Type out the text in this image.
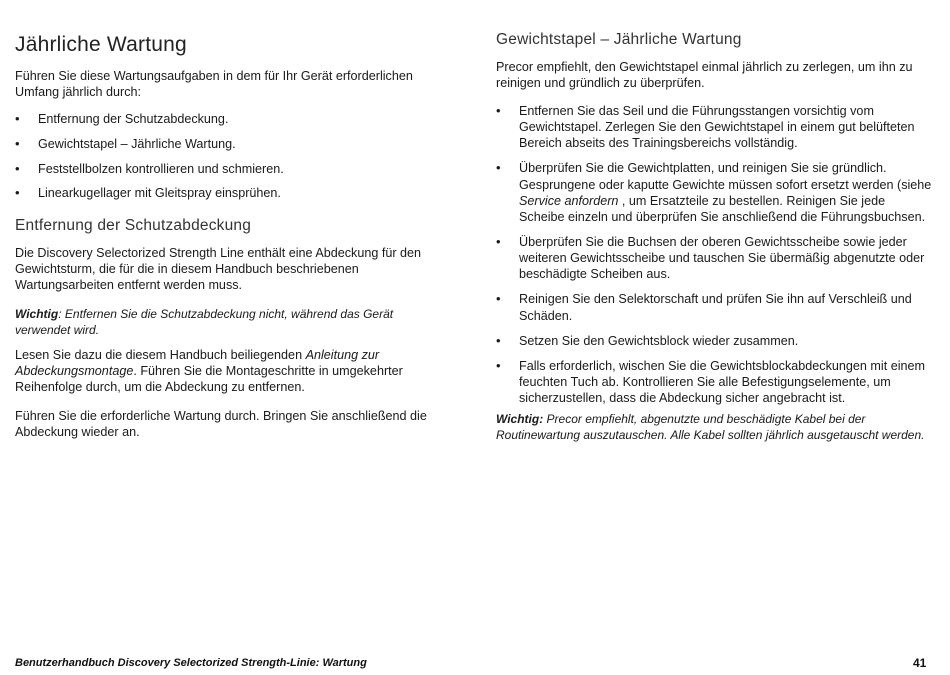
Jährliche Wartung

Führen Sie diese Wartungsaufgaben in dem für Ihr Gerät erforderlichen Umfang jährlich durch:

• Entfernung der Schutzabdeckung.
• Gewichtstapel – Jährliche Wartung.
• Feststellbolzen kontrollieren und schmieren.
• Linearkugellager mit Gleitspray einsprühen.
Entfernung der Schutzabdeckung

Die Discovery Selectorized Strength Line enthält eine Abdeckung für den Gewichtsturm, die für die in diesem Handbuch beschriebenen Wartungsarbeiten entfernt werden muss.

Wichtig: Entfernen Sie die Schutzabdeckung nicht, während das Gerät verwendet wird.

Lesen Sie dazu die diesem Handbuch beiliegenden Anleitung zur Abdeckungsmontage. Führen Sie die Montageschritte in umgekehrter Reihenfolge durch, um die Abdeckung zu entfernen.

Führen Sie die erforderliche Wartung durch. Bringen Sie anschließend die Abdeckung wieder an.

Gewichtstapel – Jährliche Wartung

Precor empfiehlt, den Gewichtstapel einmal jährlich zu zerlegen, um ihn zu reinigen und gründlich zu überprüfen.

• Entfernen Sie das Seil und die Führungsstangen vorsichtig vom Gewichtstapel. Zerlegen Sie den Gewichtstapel in einem gut belüfteten Bereich abseits des Trainingsbereichs vollständig.
• Überprüfen Sie die Gewichtplatten, und reinigen Sie sie gründlich. Gesprungene oder kaputte Gewichte müssen sofort ersetzt werden (siehe Service anfordern , um Ersatzteile zu bestellen. Reinigen Sie jede Scheibe einzeln und überprüfen Sie anschließend die Führungsbuchsen.
• Überprüfen Sie die Buchsen der oberen Gewichtsscheibe sowie jeder weiteren Gewichtsscheibe und tauschen Sie übermäßig abgenutzte oder beschädigte Scheiben aus.
• Reinigen Sie den Selektorschaft und prüfen Sie ihn auf Verschleiß und Schäden.
• Setzen Sie den Gewichtsblock wieder zusammen.
• Falls erforderlich, wischen Sie die Gewichtsblockabdeckungen mit einem feuchten Tuch ab. Kontrollieren Sie alle Befestigungselemente, um sicherzustellen, dass die Abdeckung sicher angebracht ist.

Wichtig: Precor empfiehlt, abgenutzte und beschädigte Kabel bei der Routinewartung auszutauschen. Alle Kabel sollten jährlich ausgetauscht werden.

Benutzerhandbuch Discovery Selectorized Strength-Linie: Wartung	41
